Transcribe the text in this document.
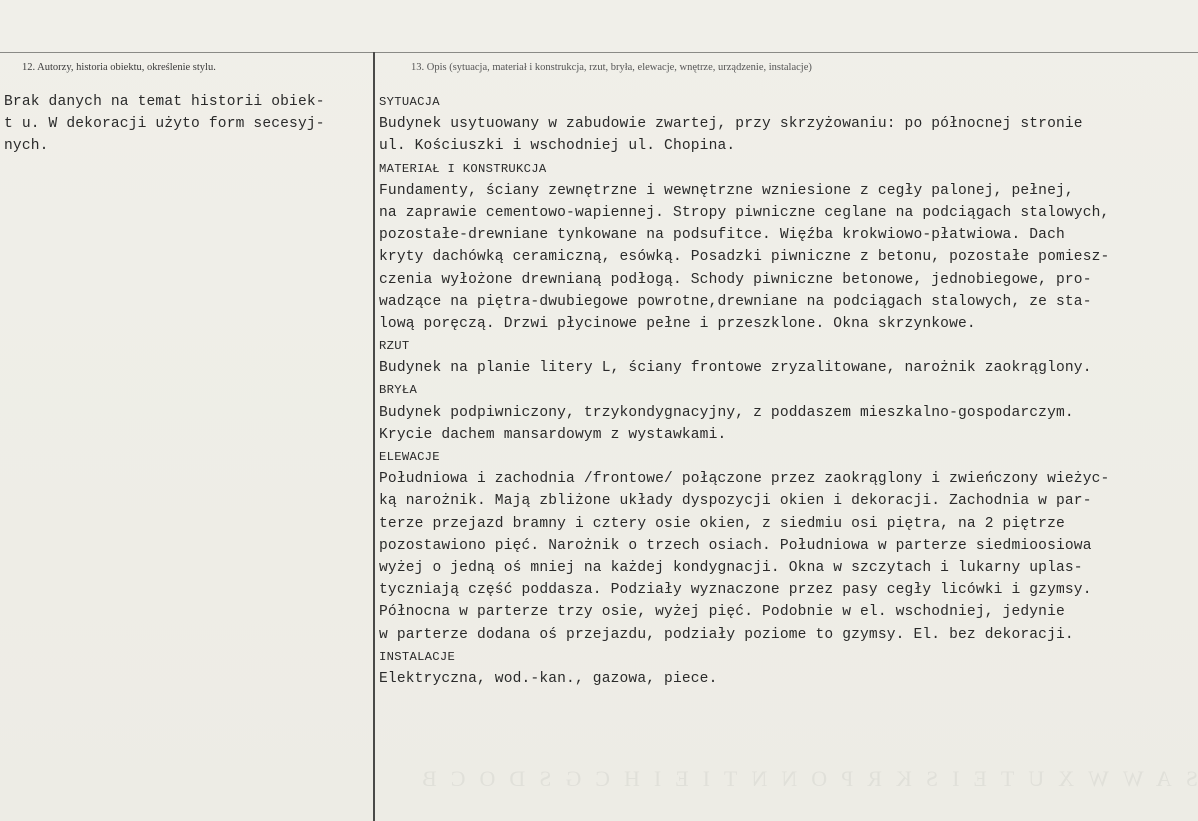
12. Autorzy, historia obiektu, określenie stylu.	13. Opis (sytuacja, materiał i konstrukcja, rzut, bryła, elewacje, wnętrze, urządzenie, instalacje)
Brak danych na temat historii obiek-
t u. W dekoracji użyto form secesyj-
nych.
SYTUACJA
Budynek usytuowany w zabudowie zwartej, przy skrzyżowaniu: po północnej stronie
ul. Kościuszki i wschodniej ul. Chopina.
MATERIAŁ I KONSTRUKCJA
Fundamenty, ściany zewnętrzne i wewnętrzne wzniesione z cegły palonej, pełnej,
na zaprawie cementowo-wapiennej. Stropy piwniczne ceglane na podciągach stalowych,
pozostałe-drewniane tynkowane na podsufitce. Więźba krokwiowo-płatwiowa. Dach
kryty dachówką ceramiczną, esówką. Posadzki piwniczne z betonu, pozostałe pomiesz-
czenia wyłożone drewnianą podłogą. Schody piwniczne betonowe, jednobiegowe, pro-
wadzące na piętra-dwubiegowe powrotne,drewniane na podciągach stalowych, ze sta-
lową poręczą. Drzwi płycinowe pełne i przeszklone. Okna skrzynkowe.
RZUT
Budynek na planie litery L, ściany frontowe zryzalitowane, narożnik zaokrąglony.
BRYŁA
Budynek podpiwniczony, trzykondygnacyjny, z poddaszem mieszkalno-gospodarczym.
Krycie dachem mansardowym z wystawkami.
ELEWACJE
Południowa i zachodnia /frontowe/ połączone przez zaokrąglony i zwieńczony wieżyc-
ką narożnik. Mają zbliżone układy dyspozycji okien i dekoracji. Zachodnia w par-
terze przejazd bramny i cztery osie okien, z siedmiu osi piętra, na 2 piętrze
pozostawiono pięć. Narożnik o trzech osiach. Południowa w parterze siedmioosiowa
wyżej o jedną oś mniej na każdej kondygnacji. Okna w szczytach i lukarny uplas-
tyczniają część poddasza. Podziały wyznaczone przez pasy cegły licówki i gzymsy.
Północna w parterze trzy osie, wyżej pięć. Podobnie w el. wschodniej, jedynie
w parterze dodana oś przejazdu, podziały poziome to gzymsy. El. bez dekoracji.
INSTALACJE
Elektryczna, wod.-kan., gazowa, piece.
SAWWXUTEISKRPONNTIEIHCGSDOCB
